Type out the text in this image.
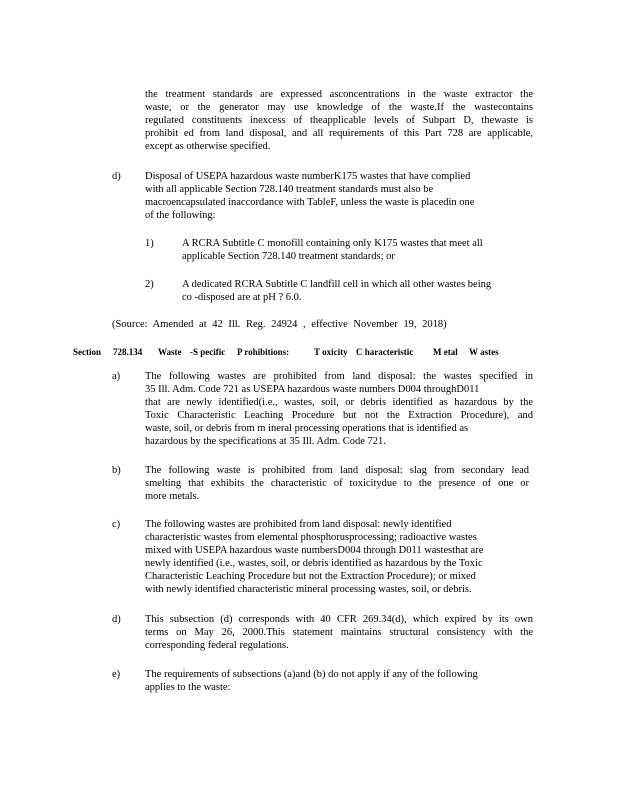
the treatment standards are expressed asconcentrations in the waste extractor the
waste, or the generator may use knowledge of the waste.If the wastecontains
regulated constituents inexcess of theapplicable levels of Subpart D, thewaste is
prohibit ed from land disposal, and all requirements of this Part 728 are applicable,
except as otherwise specified.
d) Disposal of USEPA hazardous waste numberK175 wastes that have complied
with all applicable Section 728.140 treatment standards must also be
macroencapsulated inaccordance with TableF, unless the waste is placedin one
of the following:
1)	A RCRA Subtitle C monofill containing only K175 wastes that meet all
applicable Section 728.140 treatment standards; or
2)	A dedicated RCRA Subtitle C landfill cell in which all other wastes being
co -disposed are at pH ? 6.0.
(Source: Amended at 42 Ill. Reg. 24924 , effective November 19, 2018)
Section 728.134 Waste -S pecific P rohibitions:	T oxicity C haracteristic M etal W astes
a) The following wastes are prohibited from land disposal: the wastes specified in
35 Ill. Adm. Code 721 as USEPA hazardous waste numbers D004 throughD011
that are newly identified(i.e., wastes, soil, or debris identified as hazardous by the
Toxic Characteristic Leaching Procedure but not the Extraction Procedure), and
waste, soil, or debris from m ineral processing operations that is identified as
hazardous by the specifications at 35 Ill. Adm. Code 721.
b) The following waste is prohibited from land disposal: slag from secondary lead
smelting that exhibits the characteristic of toxicitydue to the presence of one or
more metals.
c) The following wastes are prohibited from land disposal: newly identified
characteristic wastes from elemental phosphorusprocessing; radioactive wastes
mixed with USEPA hazardous waste numbersD004 through D011 wastesthat are
newly identified (i.e., wastes, soil, or debris identified as hazardous by the Toxic
Characteristic Leaching Procedure but not the Extraction Procedure); or mixed
with newly identified characteristic mineral processing wastes, soil, or debris.
d) This subsection (d) corresponds with 40 CFR 269.34(d), which expired by its own
terms on May 26, 2000.This statement maintains structural consistency with the
corresponding federal regulations.
e) The requirements of subsections (a)and (b) do not apply if any of the following
applies to the waste:
